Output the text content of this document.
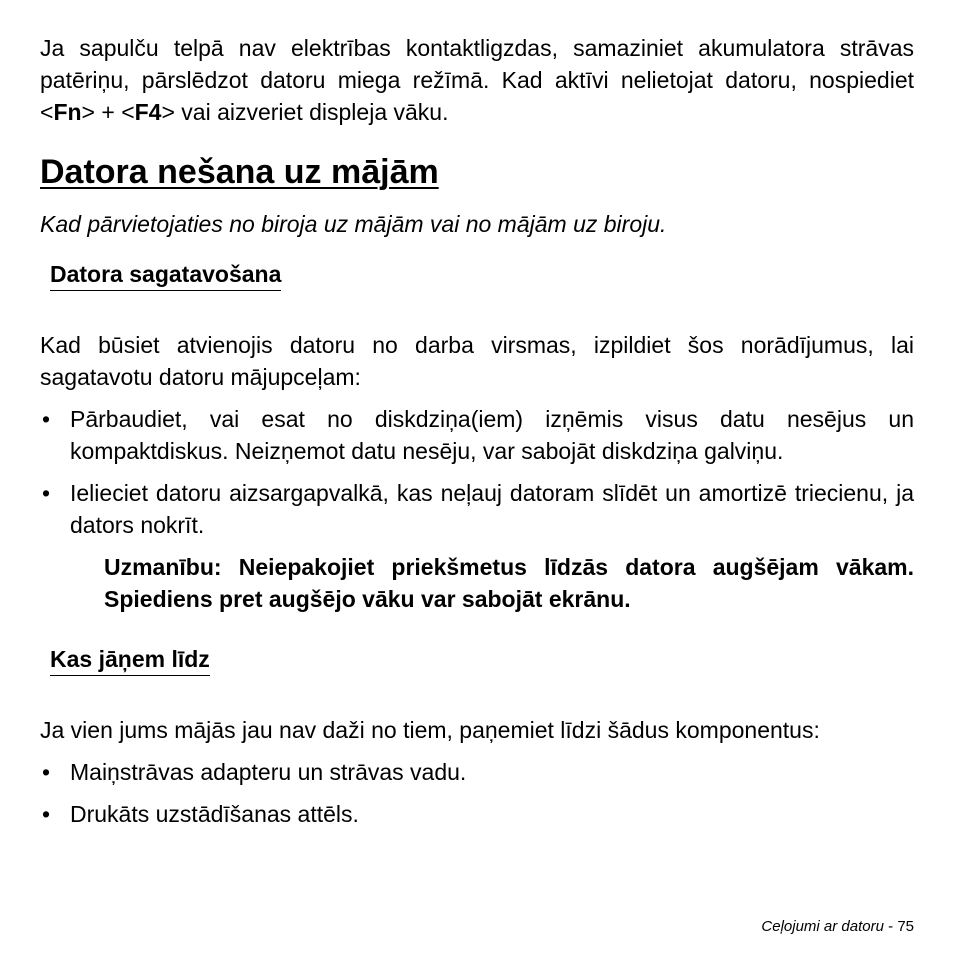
Ja sapulču telpā nav elektrības kontaktligzdas, samaziniet akumulatora strāvas patēriņu, pārslēdzot datoru miega režīmā. Kad aktīvi nelietojat datoru, nospiediet <Fn> + <F4> vai aizveriet displeja vāku.

Datora nešana uz mājām

Kad pārvietojaties no biroja uz mājām vai no mājām uz biroju.

Datora sagatavošana

Kad būsiet atvienojis datoru no darba virsmas, izpildiet šos norādījumus, lai sagatavotu datoru mājupceļam:

• Pārbaudiet, vai esat no diskdziņa(iem) izņēmis visus datu nesējus un kompaktdiskus. Neizņemot datu nesēju, var sabojāt diskdziņa galviņu.
• Ielieciet datoru aizsargapvalkā, kas neļauj datoram slīdēt un amortizē triecienu, ja dators nokrīt.

Uzmanību: Neiepakojiet priekšmetus līdzās datora augšējam vākam. Spiediens pret augšējo vāku var sabojāt ekrānu.

Kas jāņem līdz

Ja vien jums mājās jau nav daži no tiem, paņemiet līdzi šādus komponentus:

• Maiņstrāvas adapteru un strāvas vadu.
• Drukāts uzstādīšanas attēls.
Ceļojumi ar datoru - 75
